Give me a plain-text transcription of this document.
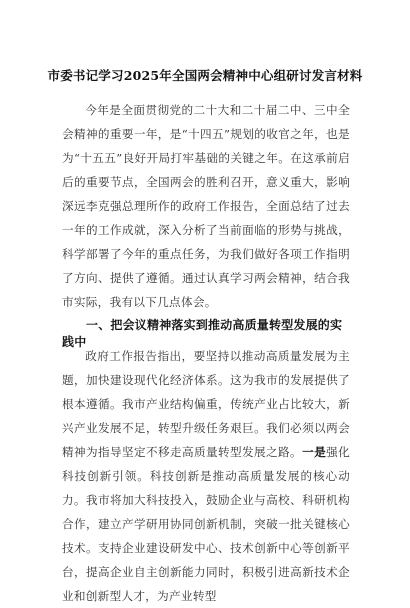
市委书记学习2025年全国两会精神中心组研讨发言材料
今年是全面贯彻党的二十大和二十届二中、三中全会精神的重要一年，是“十四五”规划的收官之年，也是为“十五五”良好开局打牢基础的关键之年。在这承前启后的重要节点，全国两会的胜利召开，意义重大，影响深远李克强总理所作的政府工作报告，全面总结了过去一年的工作成就，深入分析了当前面临的形势与挑战，科学部署了今年的重点任务，为我们做好各项工作指明了方向、提供了遵循。通过认真学习两会精神，结合我市实际，我有以下几点体会。
一、把会议精神落实到推动高质量转型发展的实践中
政府工作报告指出，要坚持以推动高质量发展为主题，加快建设现代化经济体系。这为我市的发展提供了根本遵循。我市产业结构偏重，传统产业占比较大，新兴产业发展不足，转型升级任务艰巨。我们必须以两会精神为指导坚定不移走高质量转型发展之路。一是强化科技创新引领。科技创新是推动高质量发展的核心动力。我市将加大科技投入，鼓励企业与高校、科研机构合作，建立产学研用协同创新机制，突破一批关键核心技术。支持企业建设研发中心、技术创新中心等创新平台，提高企业自主创新能力同时，积极引进高新技术企业和创新型人才，为产业转型
